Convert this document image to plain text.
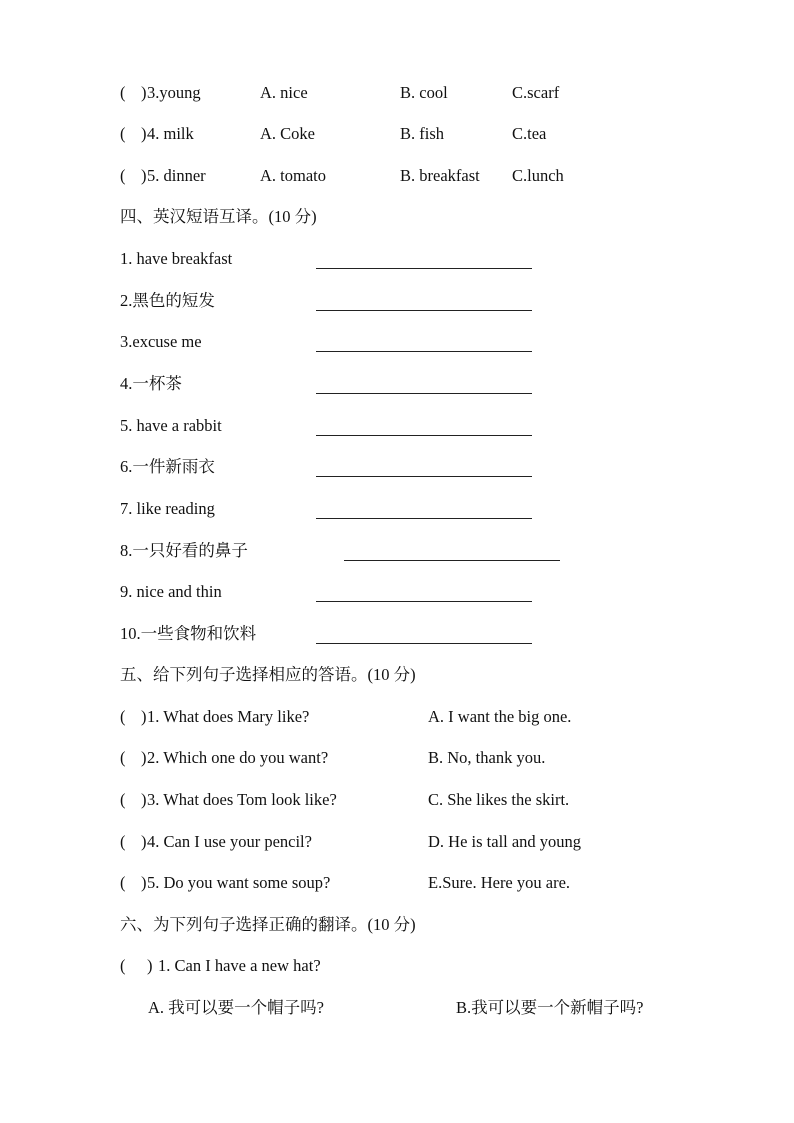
( ) 3.young	A. nice	B. cool	C.scarf
( ) 4. milk	A. Coke	B. fish	C.tea
( ) 5. dinner	A. tomato	B. breakfast C.lunch
四、英汉短语互译。(10 分)
1. have breakfast
2.黑色的短发
3.excuse me
4.一杯茶
5. have a rabbit
6.一件新雨衣
7. like reading
8.一只好看的鼻子
9. nice and thin
10.一些食物和饮料
五、给下列句子选择相应的答语。(10 分)
( ) 1. What does Mary like?	A. I want the big one.
( ) 2. Which one do you want?	B. No, thank you.
( ) 3. What does Tom look like?	C. She likes the skirt.
( ) 4. Can I use your pencil?	D. He is tall and young
( ) 5. Do you want some soup?	E.Sure. Here you are.
六、为下列句子选择正确的翻译。(10 分)
( ) 1. Can I have a new hat?
A. 我可以要一个帽子吗?	B.我可以要一个新帽子吗?
